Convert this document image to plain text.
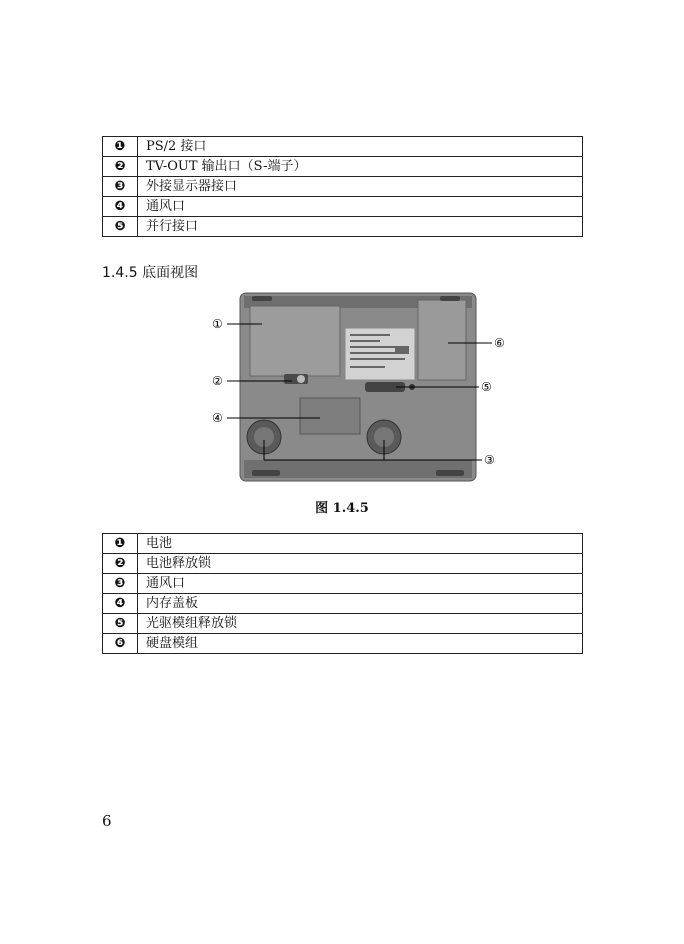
❶	PS/2 接口
❷	TV-OUT 输出口（S-端子）
❸	外接显示器接口
❹	通风口
❺	并行接口
1.4.5 底面视图
①
②
④
③
⑤
⑥
图 1.4.5
❶	电池
❷	电池释放锁
❸	通风口
❹	内存盖板
❺	光驱模组释放锁
❻	硬盘模组
6
